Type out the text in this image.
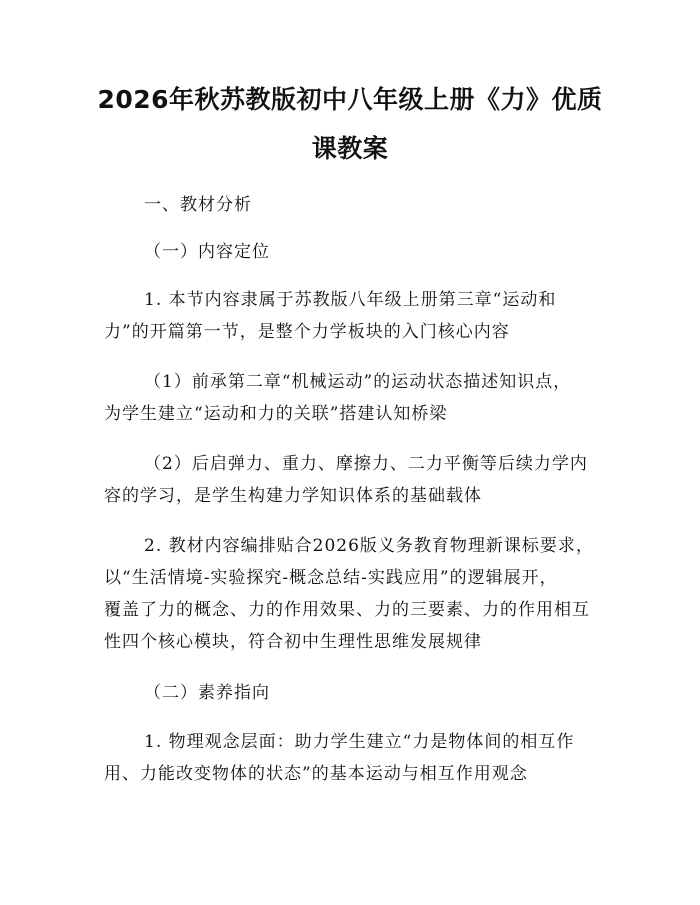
2026年秋苏教版初中八年级上册《力》优质
课教案
一、教材分析
（一）内容定位
1. 本节内容隶属于苏教版八年级上册第三章“运动和
力”的开篇第一节，是整个力学板块的入门核心内容
（1）前承第二章“机械运动”的运动状态描述知识点，
为学生建立“运动和力的关联”搭建认知桥梁
（2）后启弹力、重力、摩擦力、二力平衡等后续力学内
容的学习，是学生构建力学知识体系的基础载体
2. 教材内容编排贴合2026版义务教育物理新课标要求，
以“生活情境-实验探究-概念总结-实践应用”的逻辑展开，
覆盖了力的概念、力的作用效果、力的三要素、力的作用相互
性四个核心模块，符合初中生理性思维发展规律
（二）素养指向
1. 物理观念层面：助力学生建立“力是物体间的相互作
用、力能改变物体的状态”的基本运动与相互作用观念
